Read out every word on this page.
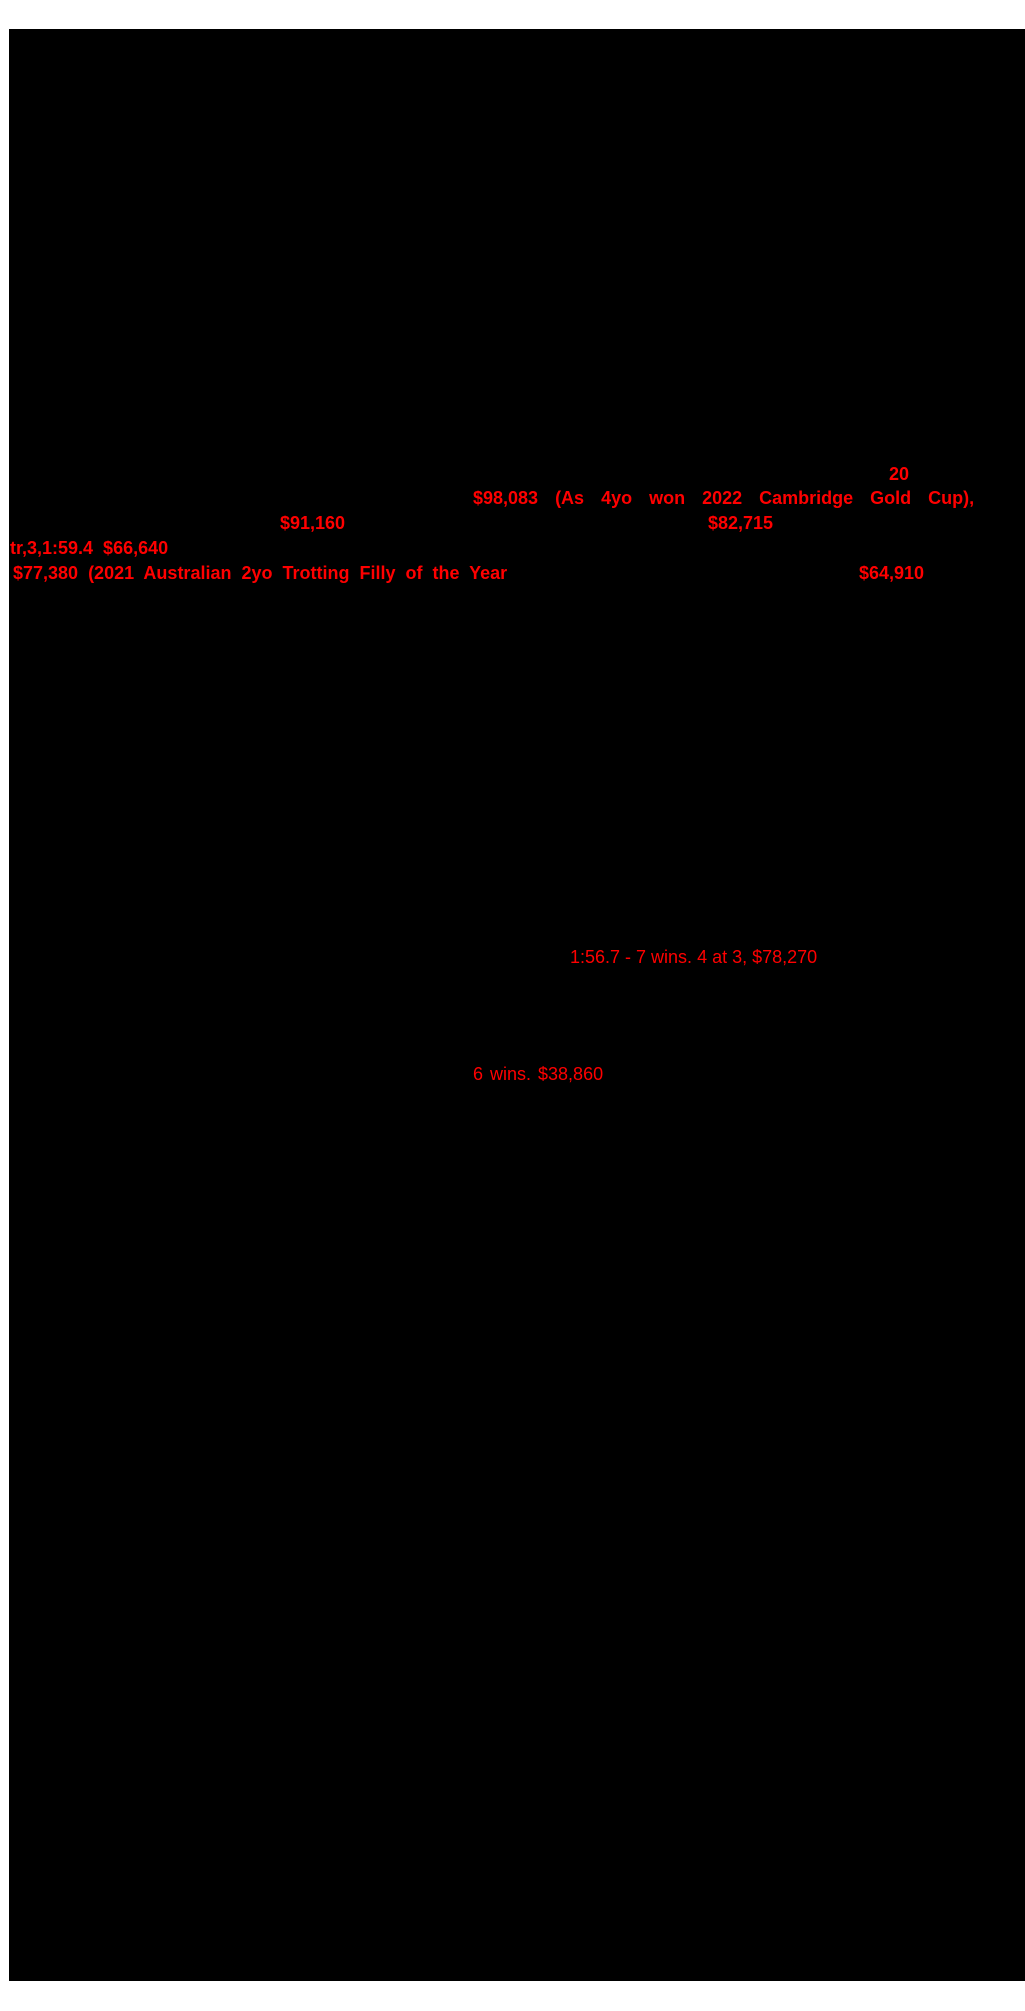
20
$98,083 (As 4yo won 2022 Cambridge Gold Cup),
$91,160	$82,715
tr,3,1:59.4  $66,640
$77,380 (2021 Australian 2yo Trotting Filly of the Year	$64,910
1:56.7 - 7 wins. 4 at 3, $78,270
6 wins. $38,860
